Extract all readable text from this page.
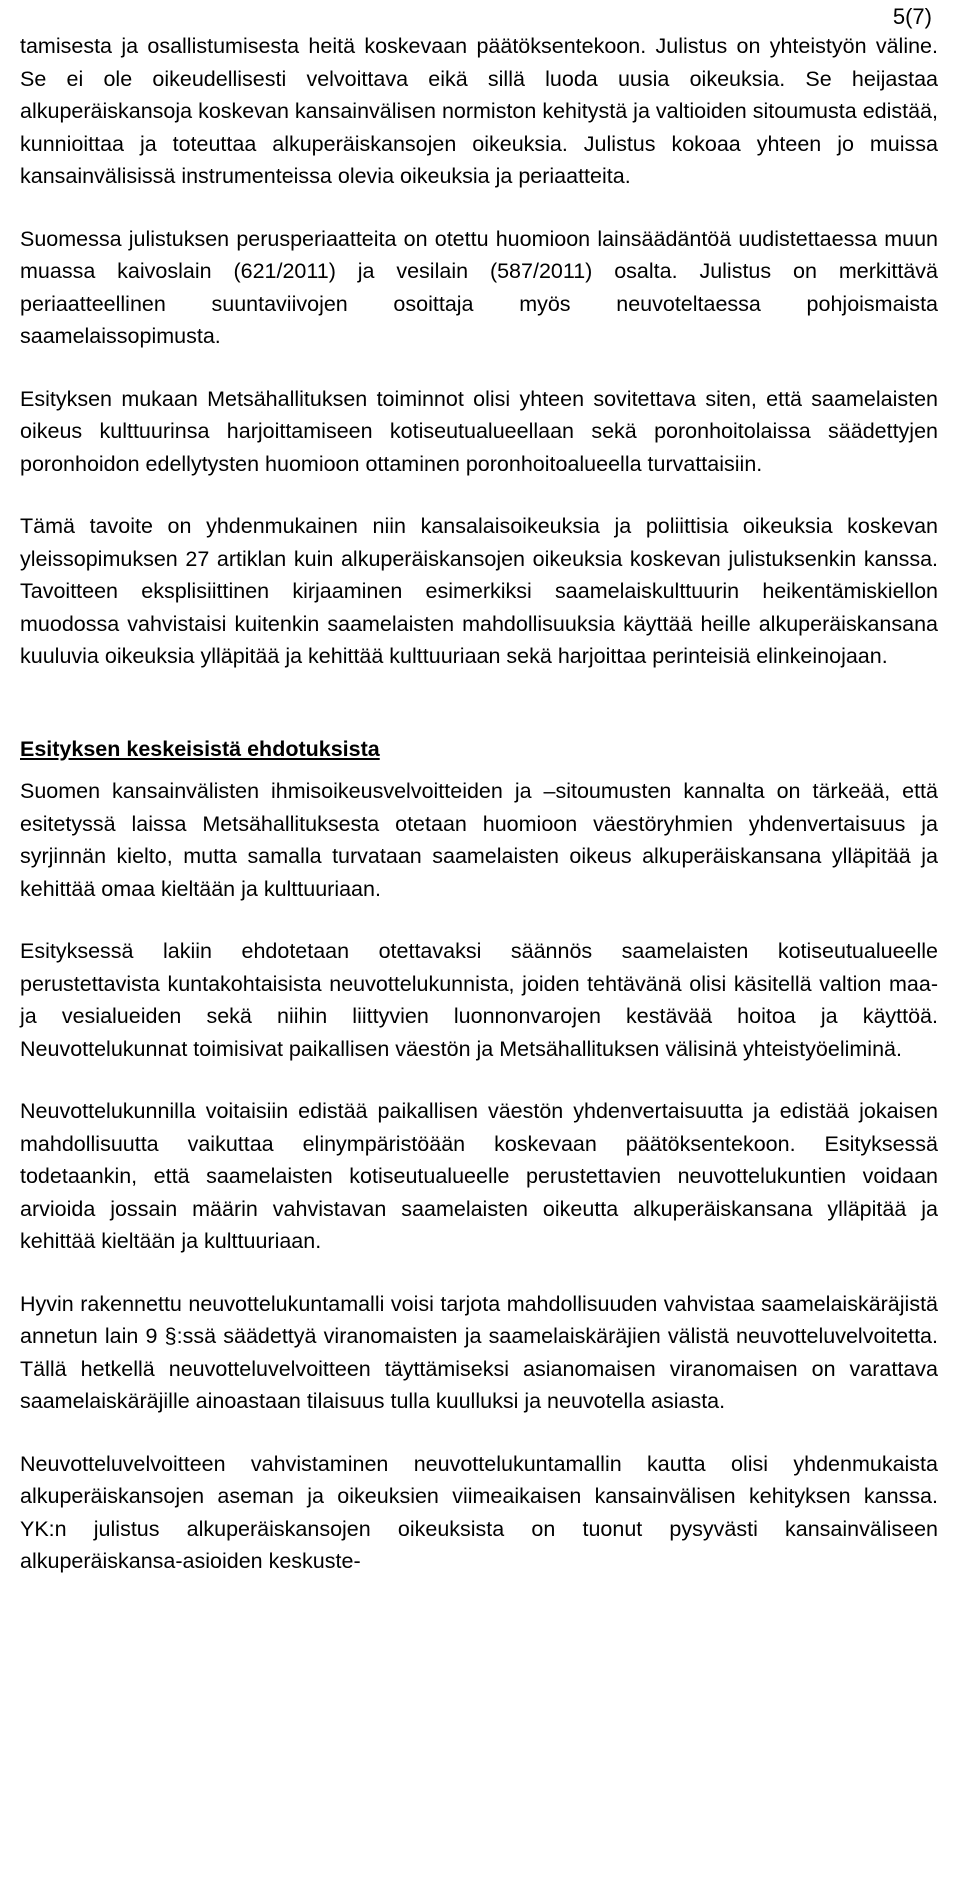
5(7)

tamisesta ja osallistumisesta heitä koskevaan päätöksentekoon. Julistus on yhteistyön väline. Se ei ole oikeudellisesti velvoittava eikä sillä luoda uusia oikeuksia. Se heijastaa alkuperäiskansoja koskevan kansainvälisen normiston kehitystä ja valtioiden sitoumusta edistää, kunnioittaa ja toteuttaa alkuperäiskansojen oikeuksia. Julistus kokoaa yhteen jo muissa kansainvälisissä instrumenteissa olevia oikeuksia ja periaatteita.

Suomessa julistuksen perusperiaatteita on otettu huomioon lainsäädäntöä uudistettaessa muun muassa kaivoslain (621/2011) ja vesilain (587/2011) osalta. Julistus on merkittävä periaatteellinen suuntaviivojen osoittaja myös neuvoteltaessa pohjoismaista saamelaissopimusta.

Esityksen mukaan Metsähallituksen toiminnot olisi yhteen sovitettava siten, että saamelaisten oikeus kulttuurinsa harjoittamiseen kotiseutualueellaan sekä poronhoitolaissa säädettyjen poronhoidon edellytysten huomioon ottaminen poronhoitoalueella turvattaisiin.

Tämä tavoite on yhdenmukainen niin kansalaisoikeuksia ja poliittisia oikeuksia koskevan yleissopimuksen 27 artiklan kuin alkuperäiskansojen oikeuksia koskevan julistuksenkin kanssa. Tavoitteen eksplisiittinen kirjaaminen esimerkiksi saamelaiskulttuurin heikentämiskiellon muodossa vahvistaisi kuitenkin saamelaisten mahdollisuuksia käyttää heille alkuperäiskansana kuuluvia oikeuksia ylläpitää ja kehittää kulttuuriaan sekä harjoittaa perinteisiä elinkeinojaan.

Esityksen keskeisistä ehdotuksista

Suomen kansainvälisten ihmisoikeusvelvoitteiden ja –sitoumusten kannalta on tärkeää, että esitetyssä laissa Metsähallituksesta otetaan huomioon väestöryhmien yhdenvertaisuus ja syrjinnän kielto, mutta samalla turvataan saamelaisten oikeus alkuperäiskansana ylläpitää ja kehittää omaa kieltään ja kulttuuriaan.

Esityksessä lakiin ehdotetaan otettavaksi säännös saamelaisten kotiseutualueelle perustettavista kuntakohtaisista neuvottelukunnista, joiden tehtävänä olisi käsitellä valtion maa- ja vesialueiden sekä niihin liittyvien luonnonvarojen kestävää hoitoa ja käyttöä. Neuvottelukunnat toimisivat paikallisen väestön ja Metsähallituksen välisinä yhteistyöeliminä.

Neuvottelukunnilla voitaisiin edistää paikallisen väestön yhdenvertaisuutta ja edistää jokaisen mahdollisuutta vaikuttaa elinympäristöään koskevaan päätöksentekoon. Esityksessä todetaankin, että saamelaisten kotiseutualueelle perustettavien neuvottelukuntien voidaan arvioida jossain määrin vahvistavan saamelaisten oikeutta alkuperäiskansana ylläpitää ja kehittää kieltään ja kulttuuriaan.

Hyvin rakennettu neuvottelukuntamalli voisi tarjota mahdollisuuden vahvistaa saamelaiskäräjistä annetun lain 9 §:ssä säädettyä viranomaisten ja saamelaiskäräjien välistä neuvotteluvelvoitetta. Tällä hetkellä neuvotteluvelvoitteen täyttämiseksi asianomaisen viranomaisen on varattava saamelaiskäräjille ainoastaan tilaisuus tulla kuulluksi ja neuvotella asiasta.

Neuvotteluvelvoitteen vahvistaminen neuvottelukuntamallin kautta olisi yhdenmukaista alkuperäiskansojen aseman ja oikeuksien viimeaikaisen kansainvälisen kehityksen kanssa. YK:n julistus alkuperäiskansojen oikeuksista on tuonut pysyvästi kansainväliseen alkuperäiskansa-asioiden keskuste-
